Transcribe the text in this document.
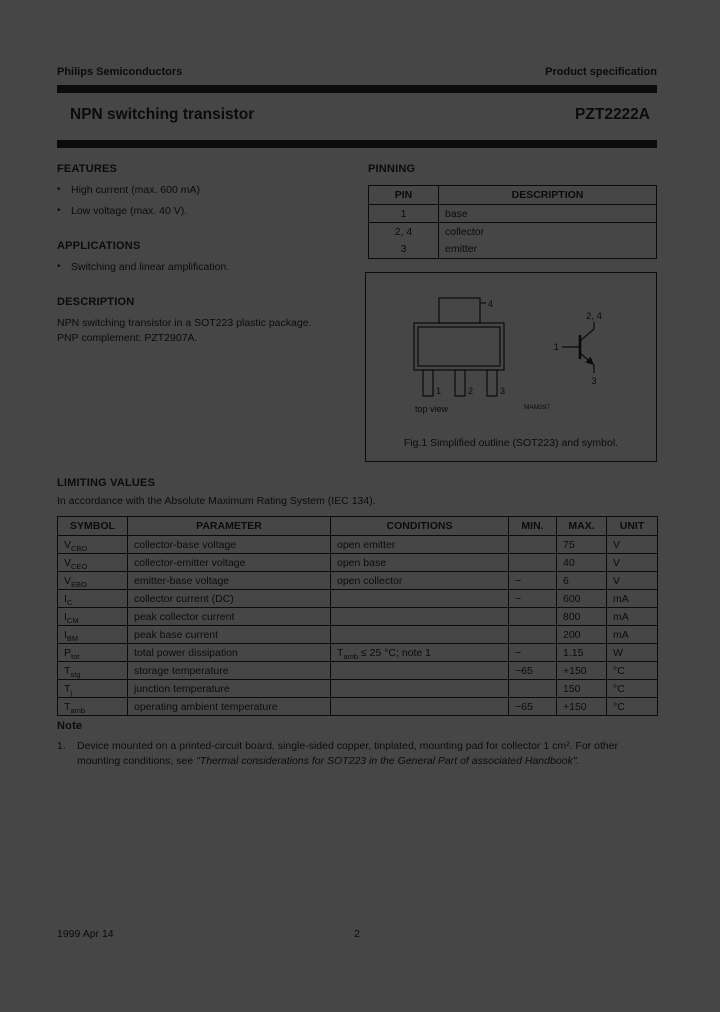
Philips Semiconductors	Product specification
NPN switching transistor	PZT2222A
FEATURES
• High current (max. 600 mA)
• Low voltage (max. 40 V).
APPLICATIONS
• Switching and linear amplification.
DESCRIPTION
NPN switching transistor in a SOT223 plastic package.
PNP complement: PZT2907A.
PINNING
PIN	DESCRIPTION
1	base
2, 4	collector
3	emitter
4
1	2	3
top view	MAM297
2, 4
1
3
Fig.1 Simplified outline (SOT223) and symbol.
LIMITING VALUES
In accordance with the Absolute Maximum Rating System (IEC 134).
SYMBOL	PARAMETER	CONDITIONS	MIN.	MAX.	UNIT
$V_{CBO}$	collector-base voltage	open emitter		75	V
$V_{CEO}$	collector-emitter voltage	open base		40	V
$V_{EBO}$	emitter-base voltage	open collector	−	6	V
$I_C$	collector current (DC)		−	600	mA
$I_{CM}$	peak collector current			800	mA
$I_{BM}$	peak base current			200	mA
$P_{tot}$	total power dissipation	$T_{amb} \le 25$ °C; note 1	−	1.15	W
$T_{stg}$	storage temperature		−65	+150	°C
$T_j$	junction temperature			150	°C
$T_{amb}$	operating ambient temperature		−65	+150	°C
Note
1.	Device mounted on a printed-circuit board, single-sided copper, tinplated, mounting pad for collector 1 cm². For other mounting conditions, see "Thermal considerations for SOT223 in the General Part of associated Handbook".
2
1999 Apr 14
